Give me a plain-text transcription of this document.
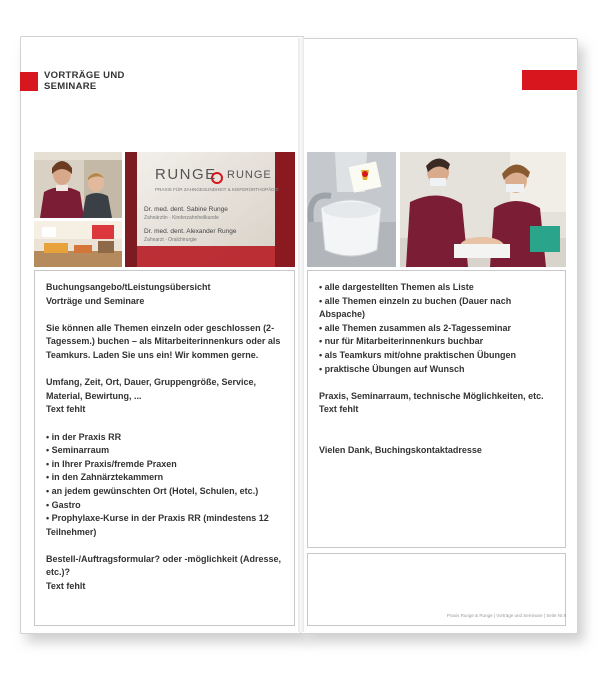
VORTRÄGE UND
SEMINARE
RUNGE RUNGE
PRAXIS FÜR ZAHNGESUNDHEIT & KIEFERORTHOPÄDIE
Dr. med. dent. Sabine Runge
Zahnärztin · Kinderzahnheilkunde
Dr. med. dent. Alexander Runge
Zahnarzt · Oralchirurgie

Buchungsangebo/tLeistungsübersicht

Vorträge und Seminare

Sie können alle Themen einzeln oder geschlossen (2-Tagessem.) buchen – als Mitarbeiterinnenkurs oder als Teamkurs. Laden Sie uns ein! Wir kommen gerne.

Umfang, Zeit, Ort, Dauer, Gruppengröße, Service, Material, Bewirtung, ...

Text fehlt

• in der Praxis RR

• Seminarraum

• in Ihrer Praxis/fremde Praxen

• in den Zahnärztekammern

• an jedem gewünschten Ort (Hotel, Schulen, etc.)

• Gastro

• Prophylaxe-Kurse in der Praxis RR (mindestens 12 Teilnehmer)

Bestell-/Auftragsformular? oder -möglichkeit (Adresse, etc.)?

Text fehlt

• alle dargestellten Themen als Liste

• alle Themen einzeln zu buchen (Dauer nach Abspache)

• alle Themen zusammen als 2-Tagesseminar

• nur für Mitarbeiterinnenkurs buchbar

• als Teamkurs mit/ohne praktischen Übungen

• praktische Übungen auf Wunsch

Praxis, Seminarraum, technische Möglichkeiten, etc.

Text fehlt

Vielen Dank, Buchingskontaktadresse

Praxis Runge & Runge | Vorträge und Seminare | Seite Nr.9
